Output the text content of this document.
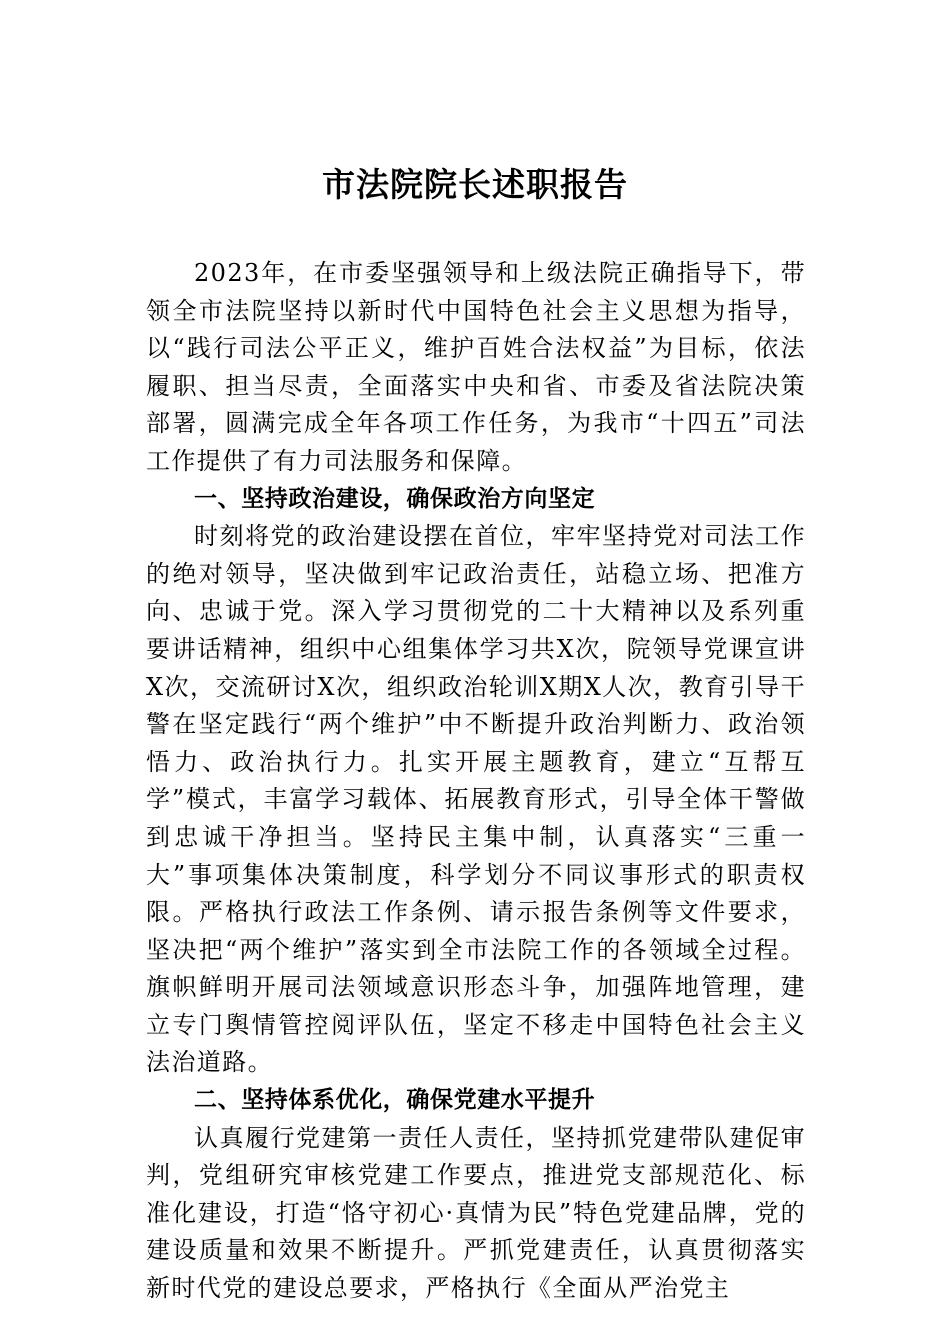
市法院院长述职报告

2023年，在市委坚强领导和上级法院正确指导下，带领全市法院坚持以新时代中国特色社会主义思想为指导，以“践行司法公平正义，维护百姓合法权益”为目标，依法履职、担当尽责，全面落实中央和省、市委及省法院决策部署，圆满完成全年各项工作任务，为我市“十四五”司法工作提供了有力司法服务和保障。

一、坚持政治建设，确保政治方向坚定

时刻将党的政治建设摆在首位，牢牢坚持党对司法工作的绝对领导，坚决做到牢记政治责任，站稳立场、把准方向、忠诚于党。深入学习贯彻党的二十大精神以及系列重要讲话精神，组织中心组集体学习共X次，院领导党课宣讲X次，交流研讨X次，组织政治轮训X期X人次，教育引导干警在坚定践行“两个维护”中不断提升政治判断力、政治领悟力、政治执行力。扎实开展主题教育，建立“互帮互学”模式，丰富学习载体、拓展教育形式，引导全体干警做到忠诚干净担当。坚持民主集中制，认真落实“三重一大”事项集体决策制度，科学划分不同议事形式的职责权限。严格执行政法工作条例、请示报告条例等文件要求，坚决把“两个维护”落实到全市法院工作的各领域全过程。旗帜鲜明开展司法领域意识形态斗争，加强阵地管理，建立专门舆情管控阅评队伍，坚定不移走中国特色社会主义法治道路。

二、坚持体系优化，确保党建水平提升

认真履行党建第一责任人责任，坚持抓党建带队建促审判，党组研究审核党建工作要点，推进党支部规范化、标准化建设，打造“恪守初心·真情为民”特色党建品牌，党的建设质量和效果不断提升。严抓党建责任，认真贯彻落实新时代党的建设总要求，严格执行《全面从严治党主
